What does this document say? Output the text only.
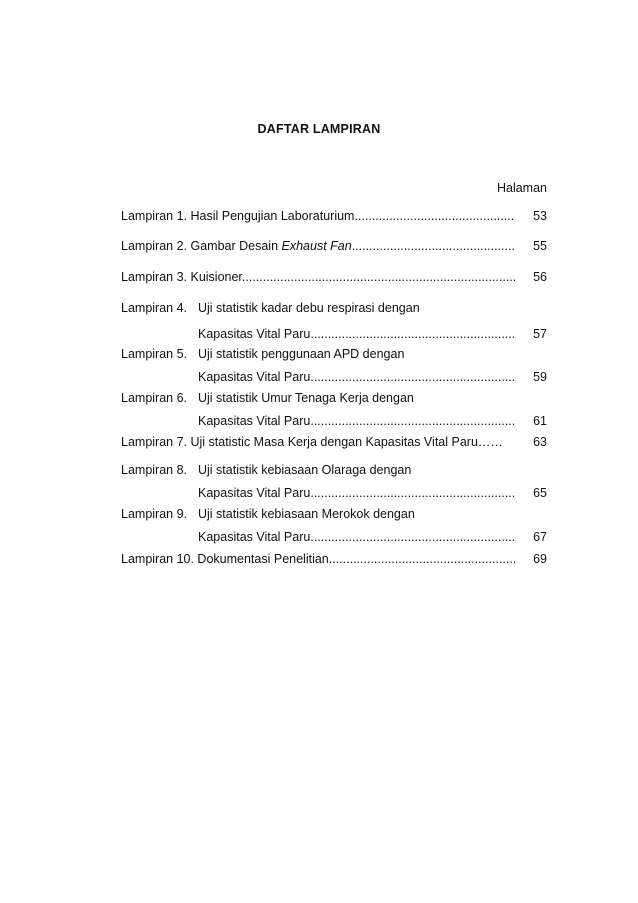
DAFTAR LAMPIRAN
Halaman
Lampiran 1. Hasil Pengujian Laboraturium .....	53
Lampiran 2. Gambar Desain Exhaust Fan .....	55
Lampiran 3. Kuisioner .....	56
Lampiran 4. Uji statistik kadar debu respirasi dengan
Kapasitas Vital Paru .....	57
Lampiran 5. Uji statistik penggunaan APD dengan
Kapasitas Vital Paru .....	59
Lampiran 6. Uji statistik Umur Tenaga Kerja dengan
Kapasitas Vital Paru .....	61
Lampiran 7. Uji statistic Masa Kerja dengan Kapasitas Vital Paru……	63
Lampiran 8. Uji statistik kebiasaan Olaraga dengan
Kapasitas Vital Paru .....	65
Lampiran 9. Uji statistik kebiasaan Merokok dengan
Kapasitas Vital Paru .....	67
Lampiran 10. Dokumentasi Penelitian .....	69
